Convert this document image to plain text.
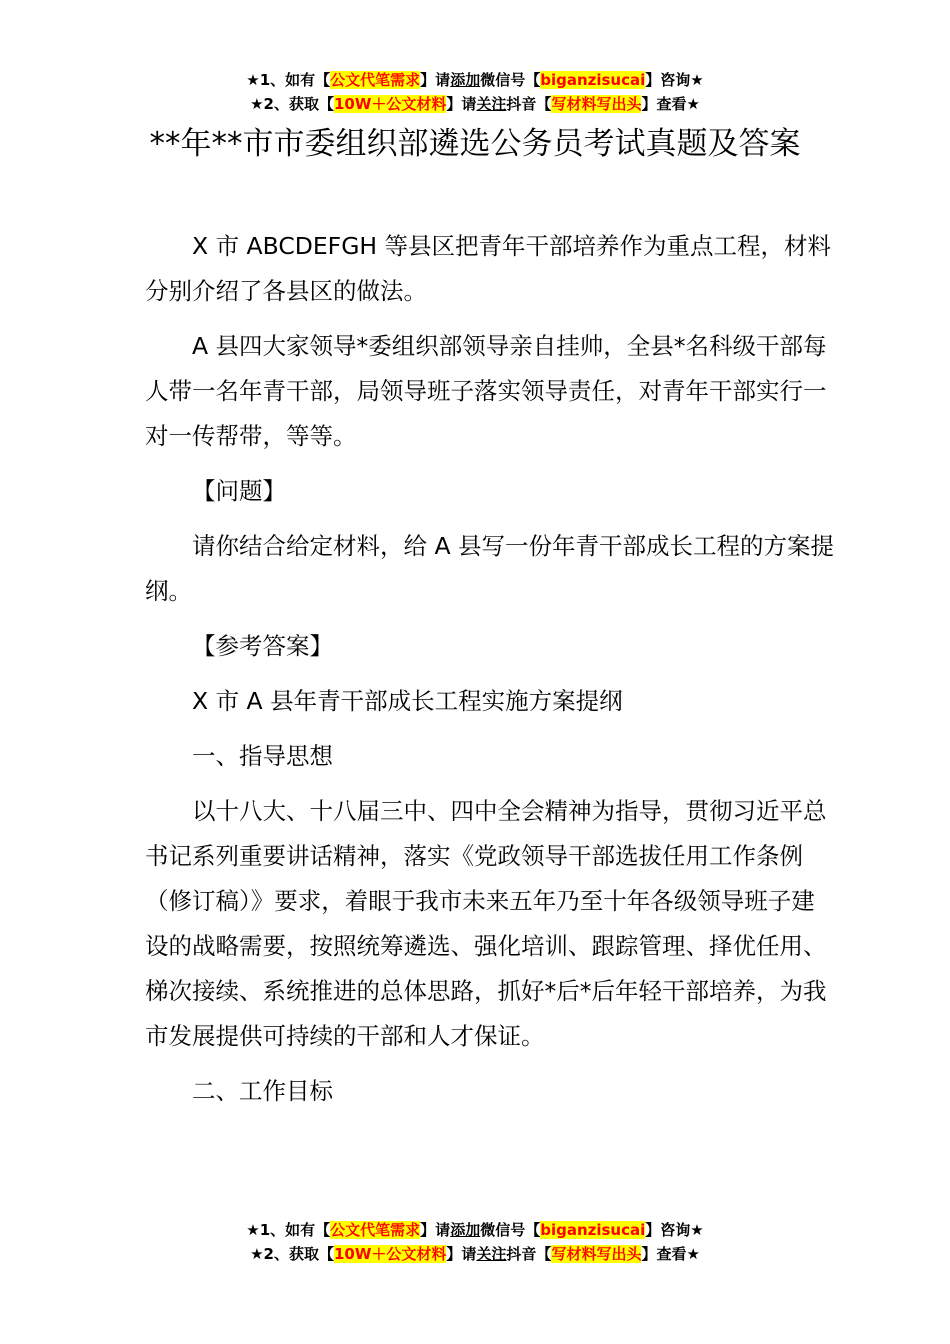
★1、如有【公文代笔需求】请添加微信号【biganzisucai】咨询★
★2、获取【10W＋公文材料】请关注抖音【写材料写出头】查看★
**年**市市委组织部遴选公务员考试真题及答案

X 市 ABCDEFGH 等县区把青年干部培养作为重点工程，材料分别介绍了各县区的做法。

A 县四大家领导*委组织部领导亲自挂帅，全县*名科级干部每人带一名年青干部，局领导班子落实领导责任，对青年干部实行一对一传帮带，等等。

【问题】

请你结合给定材料，给 A 县写一份年青干部成长工程的方案提纲。

【参考答案】

X 市 A 县年青干部成长工程实施方案提纲

一、指导思想

以十八大、十八届三中、四中全会精神为指导，贯彻习近平总书记系列重要讲话精神，落实《党政领导干部选拔任用工作条例（修订稿）》要求，着眼于我市未来五年乃至十年各级领导班子建设的战略需要，按照统筹遴选、强化培训、跟踪管理、择优任用、梯次接续、系统推进的总体思路，抓好*后*后年轻干部培养，为我市发展提供可持续的干部和人才保证。

二、工作目标

★1、如有【公文代笔需求】请添加微信号【biganzisucai】咨询★
★2、获取【10W＋公文材料】请关注抖音【写材料写出头】查看★
